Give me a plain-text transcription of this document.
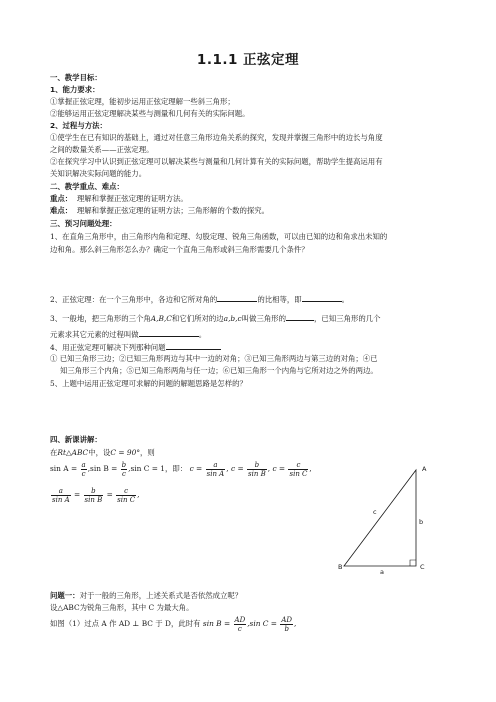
1.1.1 正弦定理
一、教学目标：
1、能力要求：
①掌握正弦定理，能初步运用正弦定理解一些斜三角形；
②能够运用正弦定理解决某些与测量和几何有关的实际问题。
2、过程与方法：
①使学生在已有知识的基础上，通过对任意三角形边角关系的探究，发现并掌握三角形中的边长与角度
之间的数量关系——正弦定理。
②在探究学习中认识到正弦定理可以解决某些与测量和几何计算有关的实际问题，帮助学生提高运用有
关知识解决实际问题的能力。
二、教学重点、难点：
重点： 理解和掌握正弦定理的证明方法。
难点： 理解和掌握正弦定理的证明方法；三角形解的个数的探究。
三、预习问题处理：
1、在直角三角形中，由三角形内角和定理、勾股定理、锐角三角函数，可以由已知的边和角求出未知的
边和角。那么斜三角形怎么办？确定一个直角三角形或斜三角形需要几个条件？
2、正弦定理：在一个三角形中，各边和它所对角的	的比相等，即	。
3、一般地，把三角形的三个角A,B,C和它们所对的边a,b,c叫做三角形的	，已知三角形的几个
元素求其它元素的过程叫做	。
4、用正弦定理可解决下列那种问题
① 已知三角形三边；②已知三角形两边与其中一边的对角；③已知三角形两边与第三边的对角；④已
知三角形三个内角；⑤已知三角形两角与任一边；⑥已知三角形一个内角与它所对边之外的两边。
5、上题中运用正弦定理可求解的问题的解题思路是怎样的？
四、新课讲解：
在Rt△ABC中，设C = 90°，则
$\sin A = \frac{a}{c} ,\sin$ $B = \frac{b}{c} ,\sin$ C = 1，即： $c = \frac{a}{\text{sin A}}$ , $c = \frac{b}{\text{sin B}}$ , $c = \frac{c}{\text{sin C}}$ ,
$\frac{a}{\text{sin A}} = \frac{b}{\text{sin B}} = \frac{c}{\text{sin C}}$ ,
A
B	C
a
b
c
问题一：对于一般的三角形，上述关系式是否依然成立呢？
设△ABC为锐角三角形，其中 C 为最大角。
如图（1）过点 A 作 AD ⊥ BC 于 D，此时有 $\sin B = \frac{AD}{c} ,\sin$ $C = \frac{AD}{b}$ ,
